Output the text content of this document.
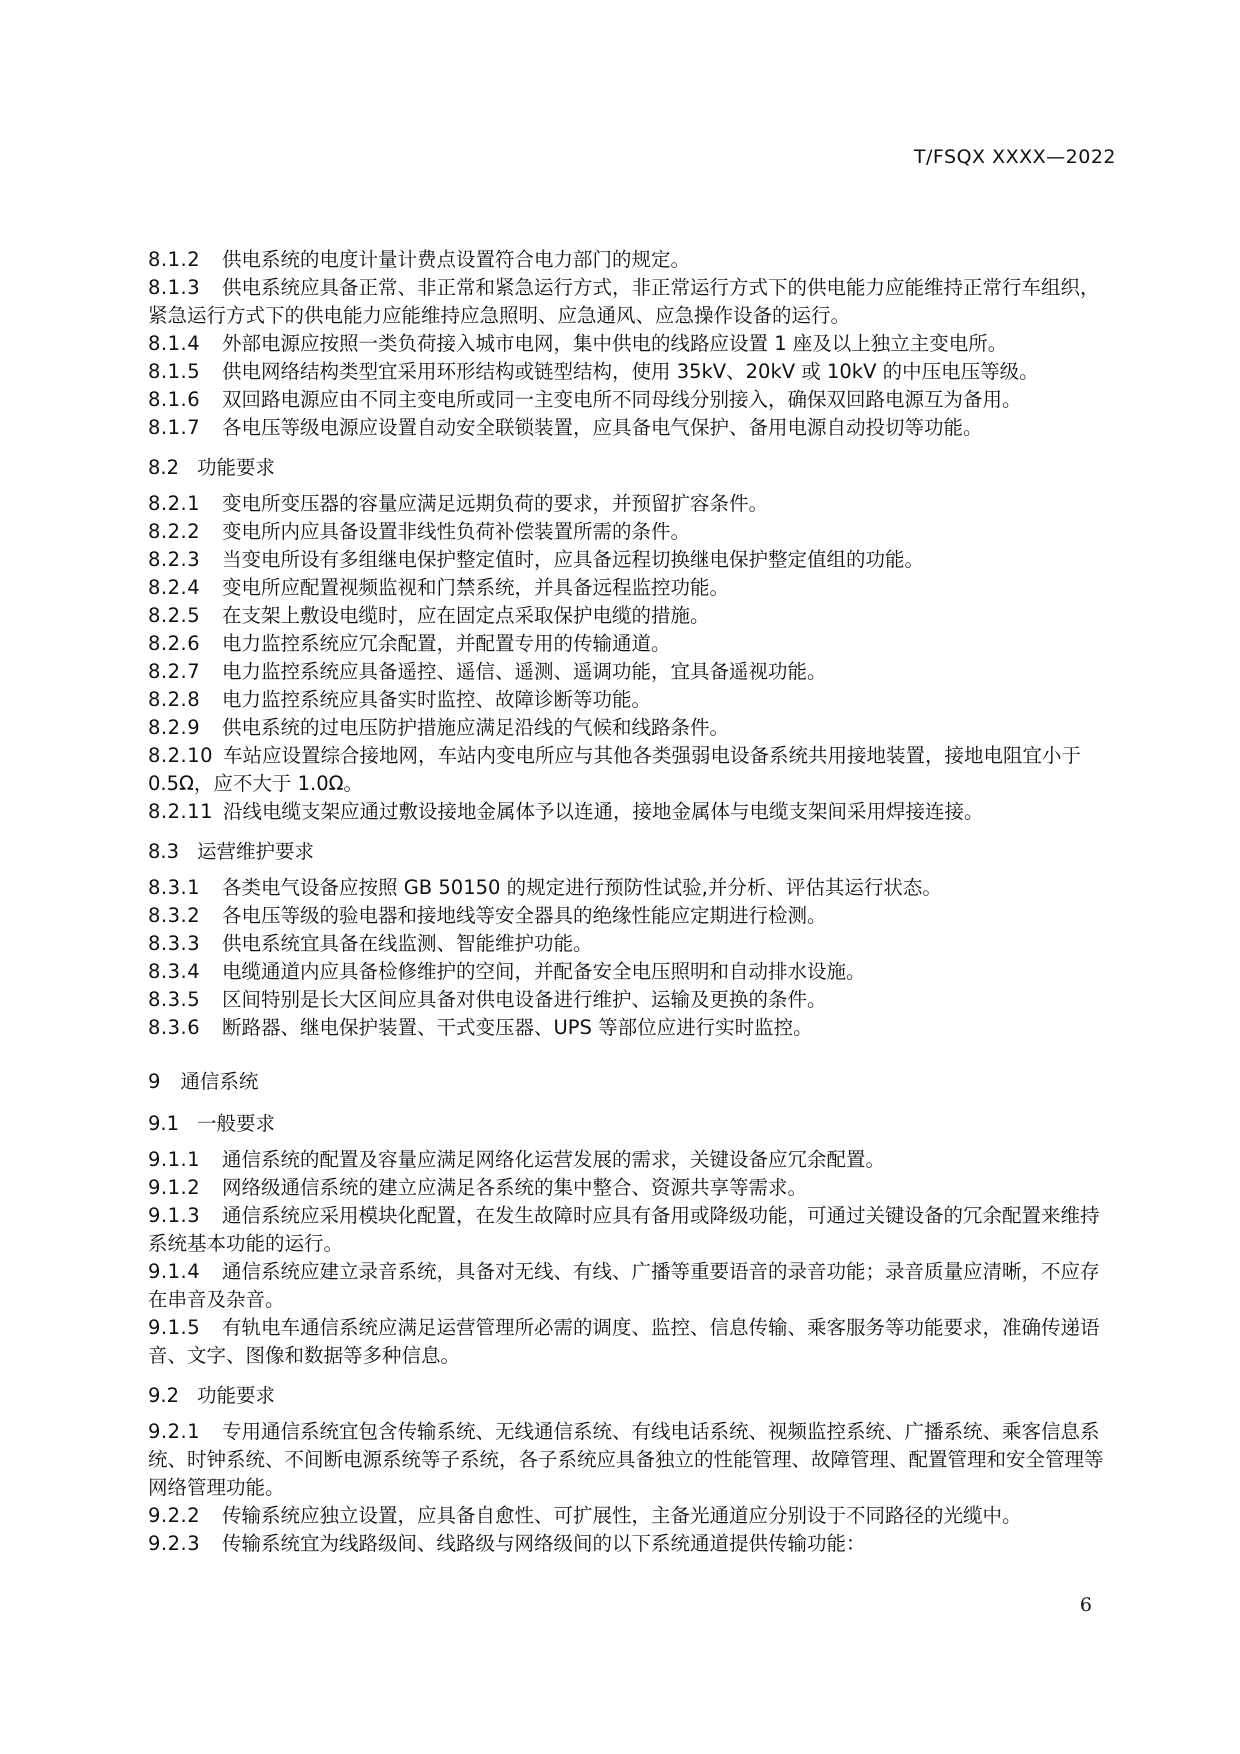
T/FSQX XXXX—2022

8.1.2 供电系统的电度计量计费点设置符合电力部门的规定。

8.1.3 供电系统应具备正常、非正常和紧急运行方式，非正常运行方式下的供电能力应能维持正常行车组织，紧急运行方式下的供电能力应能维持应急照明、应急通风、应急操作设备的运行。

8.1.4 外部电源应按照一类负荷接入城市电网，集中供电的线路应设置 1 座及以上独立主变电所。

8.1.5 供电网络结构类型宜采用环形结构或链型结构，使用 35kV、20kV 或 10kV 的中压电压等级。

8.1.6 双回路电源应由不同主变电所或同一主变电所不同母线分别接入，确保双回路电源互为备用。

8.1.7 各电压等级电源应设置自动安全联锁装置，应具备电气保护、备用电源自动投切等功能。

8.2 功能要求

8.2.1 变电所变压器的容量应满足远期负荷的要求，并预留扩容条件。

8.2.2 变电所内应具备设置非线性负荷补偿装置所需的条件。

8.2.3 当变电所设有多组继电保护整定值时，应具备远程切换继电保护整定值组的功能。

8.2.4 变电所应配置视频监视和门禁系统，并具备远程监控功能。

8.2.5 在支架上敷设电缆时，应在固定点采取保护电缆的措施。

8.2.6 电力监控系统应冗余配置，并配置专用的传输通道。

8.2.7 电力监控系统应具备遥控、遥信、遥测、遥调功能，宜具备遥视功能。

8.2.8 电力监控系统应具备实时监控、故障诊断等功能。

8.2.9 供电系统的过电压防护措施应满足沿线的气候和线路条件。

8.2.10 车站应设置综合接地网，车站内变电所应与其他各类强弱电设备系统共用接地装置，接地电阻宜小于 0.5Ω，应不大于 1.0Ω。

8.2.11 沿线电缆支架应通过敷设接地金属体予以连通，接地金属体与电缆支架间采用焊接连接。

8.3 运营维护要求

8.3.1 各类电气设备应按照 GB 50150 的规定进行预防性试验,并分析、评估其运行状态。

8.3.2 各电压等级的验电器和接地线等安全器具的绝缘性能应定期进行检测。

8.3.3 供电系统宜具备在线监测、智能维护功能。

8.3.4 电缆通道内应具备检修维护的空间，并配备安全电压照明和自动排水设施。

8.3.5 区间特别是长大区间应具备对供电设备进行维护、运输及更换的条件。

8.3.6 断路器、继电保护装置、干式变压器、UPS 等部位应进行实时监控。

9 通信系统

9.1 一般要求

9.1.1 通信系统的配置及容量应满足网络化运营发展的需求，关键设备应冗余配置。

9.1.2 网络级通信系统的建立应满足各系统的集中整合、资源共享等需求。

9.1.3 通信系统应采用模块化配置，在发生故障时应具有备用或降级功能，可通过关键设备的冗余配置来维持系统基本功能的运行。

9.1.4 通信系统应建立录音系统，具备对无线、有线、广播等重要语音的录音功能；录音质量应清晰，不应存在串音及杂音。

9.1.5 有轨电车通信系统应满足运营管理所必需的调度、监控、信息传输、乘客服务等功能要求，准确传递语音、文字、图像和数据等多种信息。

9.2 功能要求

9.2.1 专用通信系统宜包含传输系统、无线通信系统、有线电话系统、视频监控系统、广播系统、乘客信息系统、时钟系统、不间断电源系统等子系统，各子系统应具备独立的性能管理、故障管理、配置管理和安全管理等网络管理功能。

9.2.2 传输系统应独立设置，应具备自愈性、可扩展性，主备光通道应分别设于不同路径的光缆中。

9.2.3 传输系统宜为线路级间、线路级与网络级间的以下系统通道提供传输功能：

6
